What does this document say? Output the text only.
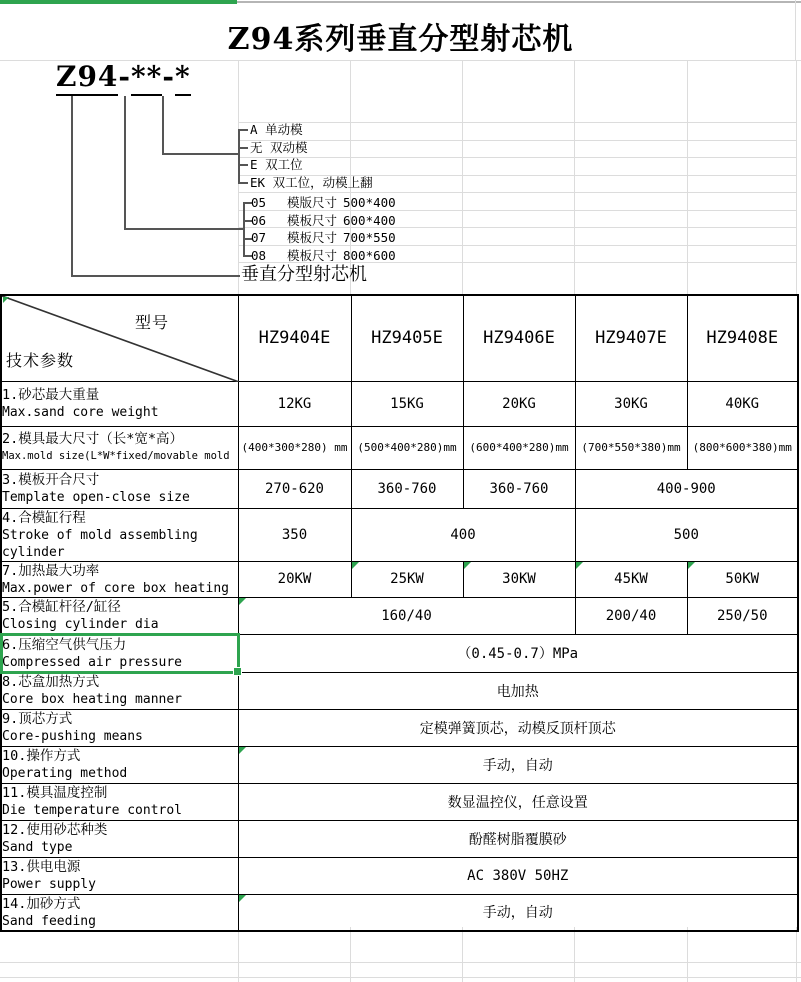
Z94系列垂直分型射芯机
Z94-**-*
A 单动模
无 双动模
E 双工位
EK 双工位，动模上翻
05 模版尺寸 500*400
06 模板尺寸 600*400
07 模板尺寸 700*550
08 模板尺寸 800*600
垂直分型射芯机
型号
技术参数	HZ9404E	HZ9405E	HZ9406E	HZ9407E	HZ9408E

1.砂芯最大重量
Max.sand core weight	12KG	15KG	20KG	30KG	40KG

2.模具最大尺寸（长*宽*高）
Max.mold size(L*W*fixed/movable mold	(400*300*280) mm	(500*400*280)mm	(600*400*280)mm	(700*550*380)mm	(800*600*380)mm

3.模板开合尺寸
Template open-close size	270-620	360-760	360-760	400-900	

4.合模缸行程
Stroke of mold assembling cylinder	350	400		500	

7.加热最大功率
Max.power of core box heating	20KW	25KW	30KW	45KW	50KW

5.合模缸杆径/缸径
Closing cylinder dia	160/40			200/40	250/50

6.压缩空气供气压力
Compressed air pressure	（0.45-0.7）MPa				

8.芯盒加热方式
Core box heating manner	电加热				

9.顶芯方式
Core-pushing means	定模弹簧顶芯，动模反顶杆顶芯				

10.操作方式
Operating method	手动，自动				

11.模具温度控制
Die temperature control	数显温控仪，任意设置				

12.使用砂芯种类
Sand type	酚醛树脂覆膜砂				

13.供电电源
Power supply	AC 380V 50HZ				

14.加砂方式
Sand feeding	手动，自动				
